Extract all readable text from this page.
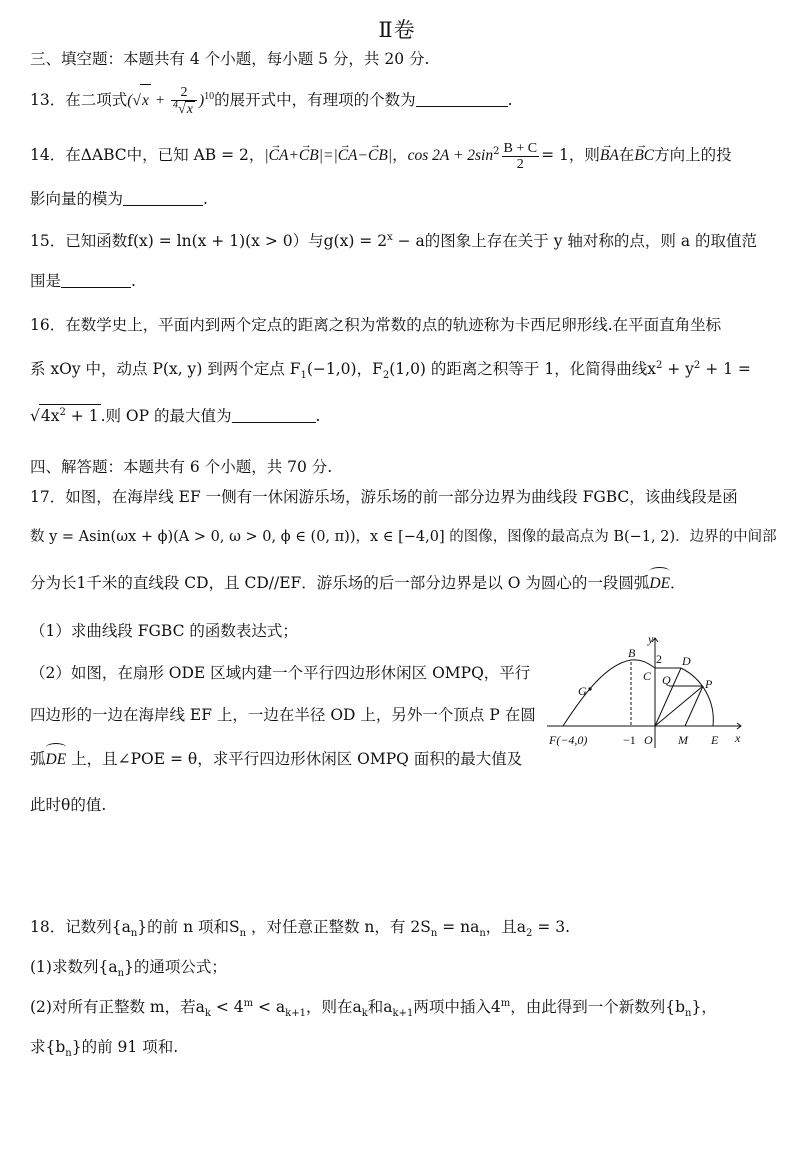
Ⅱ卷
三、填空题：本题共有 4 个小题，每小题 5 分，共 20 分.
13．在二项式$(√x + \frac{2}{^4√x} )^{10}$的展开式中，有理项的个数为	.
14．在ΔABC中，已知 AB = 2，|→ CA+→ CB|=|→ CA−→ CB|，$\cos 2A + 2\sin^2 \frac{B + C}{2} = 1$，则→ BA在→ BC方向上的投
影向量的模为	.
15．已知函数f(x) = ln(x + 1)(x > 0）与$g(x) = 2^x - a$的图象上存在关于 y 轴对称的点，则 a 的取值范
围是	.
16．在数学史上，平面内到两个定点的距离之积为常数的点的轨迹称为卡西尼卵形线.在平面直角坐标
系 xOy 中，动点 P(x, y) 到两个定点 $F_1(-1,0)$，$F_2(1,0)$ 的距离之积等于 1，化简得曲线$x^2 + y^2 + 1$ =
$√4x^2 + 1$ .则 OP 的最大值为	.
四、解答题：本题共有 6 个小题，共 70 分.
17．如图，在海岸线 EF 一侧有一休闲游乐场，游乐场的前一部分边界为曲线段 FGBC，该曲线段是函
数 y = Asin(ωx + ϕ)(A > 0, ω > 0, ϕ ∈ (0, π))，x ∈ [−4,0] 的图像，图像的最高点为 B(−1, 2)．边界的中间部
分为长1千米的直线段 CD，且 CD//EF．游乐场的后一部分边界是以 O 为圆心的一段圆弧DE．
（1）求曲线段 FGBC 的函数表达式；
（2）如图，在扇形 ODE 区域内建一个平行四边形休闲区 OMPQ，平行
四边形的一边在海岸线 EF 上，一边在半径 OD 上，另外一个顶点 P 在圆
弧DE 上，且∠POE = θ，求平行四边形休闲区 OMPQ 面积的最大值及
此时θ的值.
y
x
B 2 D
C Q	P
G
F(−4,0)	−1 O M E
18．记数列$\{a_n\}$的前 n 项和$S_n$ ，对任意正整数 n，有 $2S_n = na_n$，且$a_2 = 3$.
(1)求数列$\{a_n\}$的通项公式；
(2)对所有正整数 m，若$a_k < 4^m < a_{k+1}$，则在$a_k$和$a_{k+1}$两项中插入4$^m$，由此得到一个新数列$\{b_n\}$，
求$\{b_n\}$的前 91 项和.
